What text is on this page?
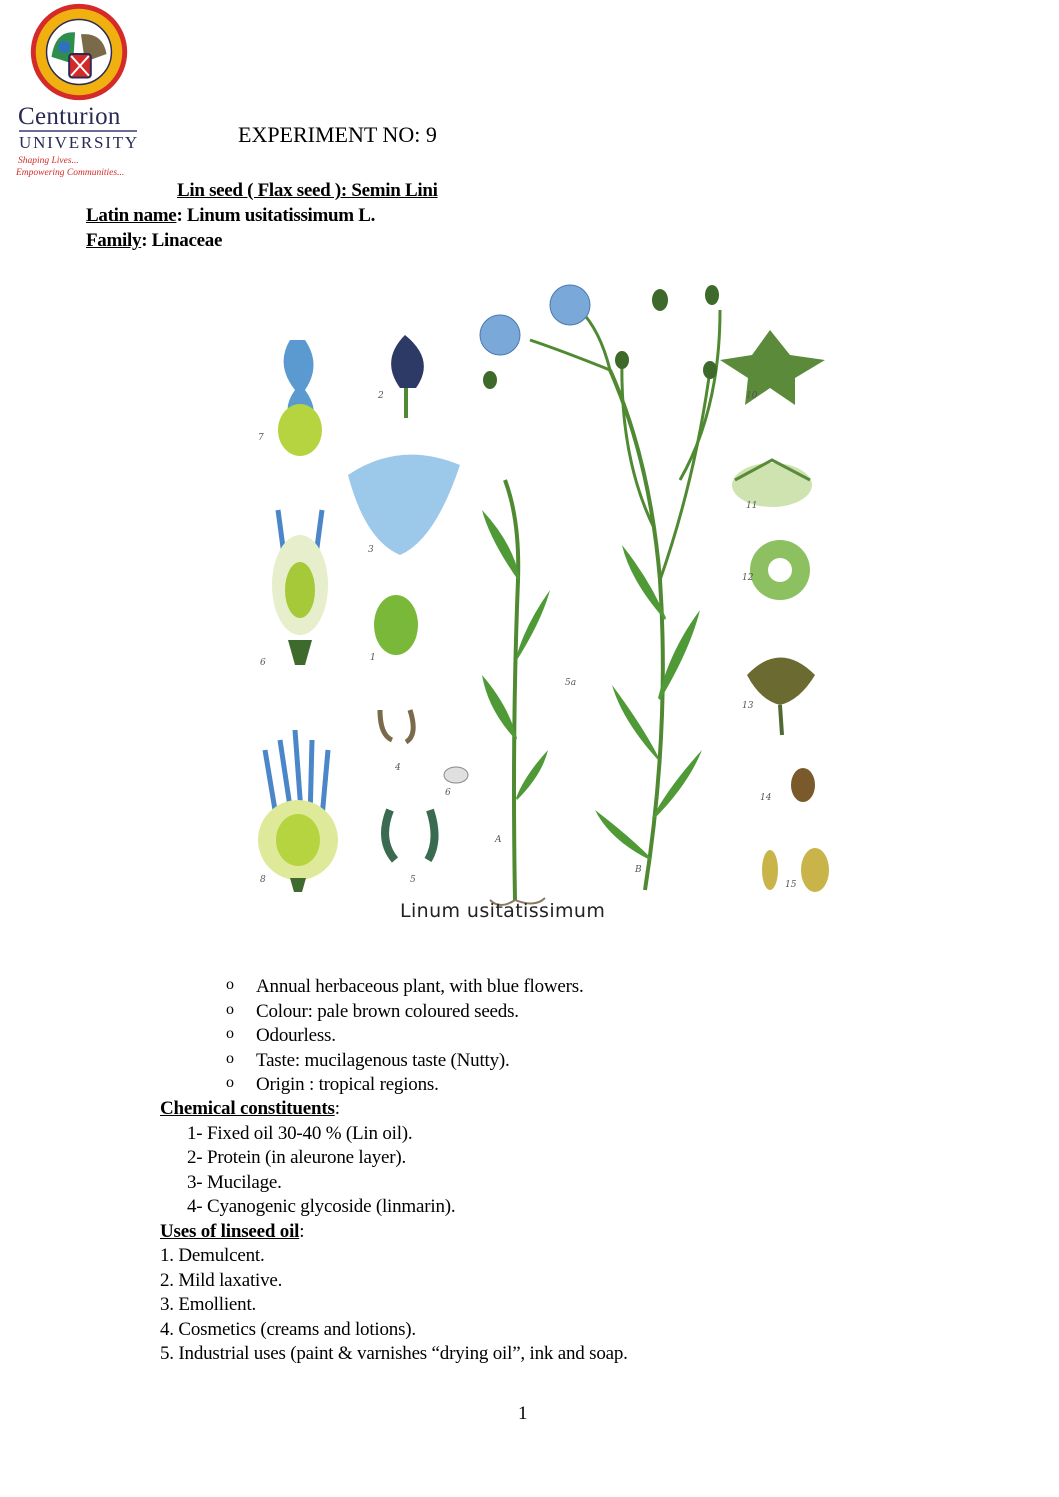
Centurion
UNIVERSITY
Shaping Lives...
Empowering Communities...
EXPERIMENT NO: 9
Lin seed ( Flax seed ): Semin Lini
Latin name: Linum usitatissimum L.
Family: Linaceae
7
2
3
6	1
5a
4
6
8	5
A
B
10
11
12
13
14
15
Linum usitatissimum
o Annual herbaceous plant, with blue flowers.
o Colour: pale brown coloured seeds.
o Odourless.
o Taste: mucilagenous taste (Nutty).
o Origin : tropical regions.
Chemical constituents:
1- Fixed oil 30-40 % (Lin oil).
2- Protein (in aleurone layer).
3- Mucilage.
4- Cyanogenic glycoside (linmarin).
Uses of linseed oil:
1. Demulcent.
2. Mild laxative.
3. Emollient.
4. Cosmetics (creams and lotions).
5. Industrial uses (paint & varnishes “drying oil”, ink and soap.
1
